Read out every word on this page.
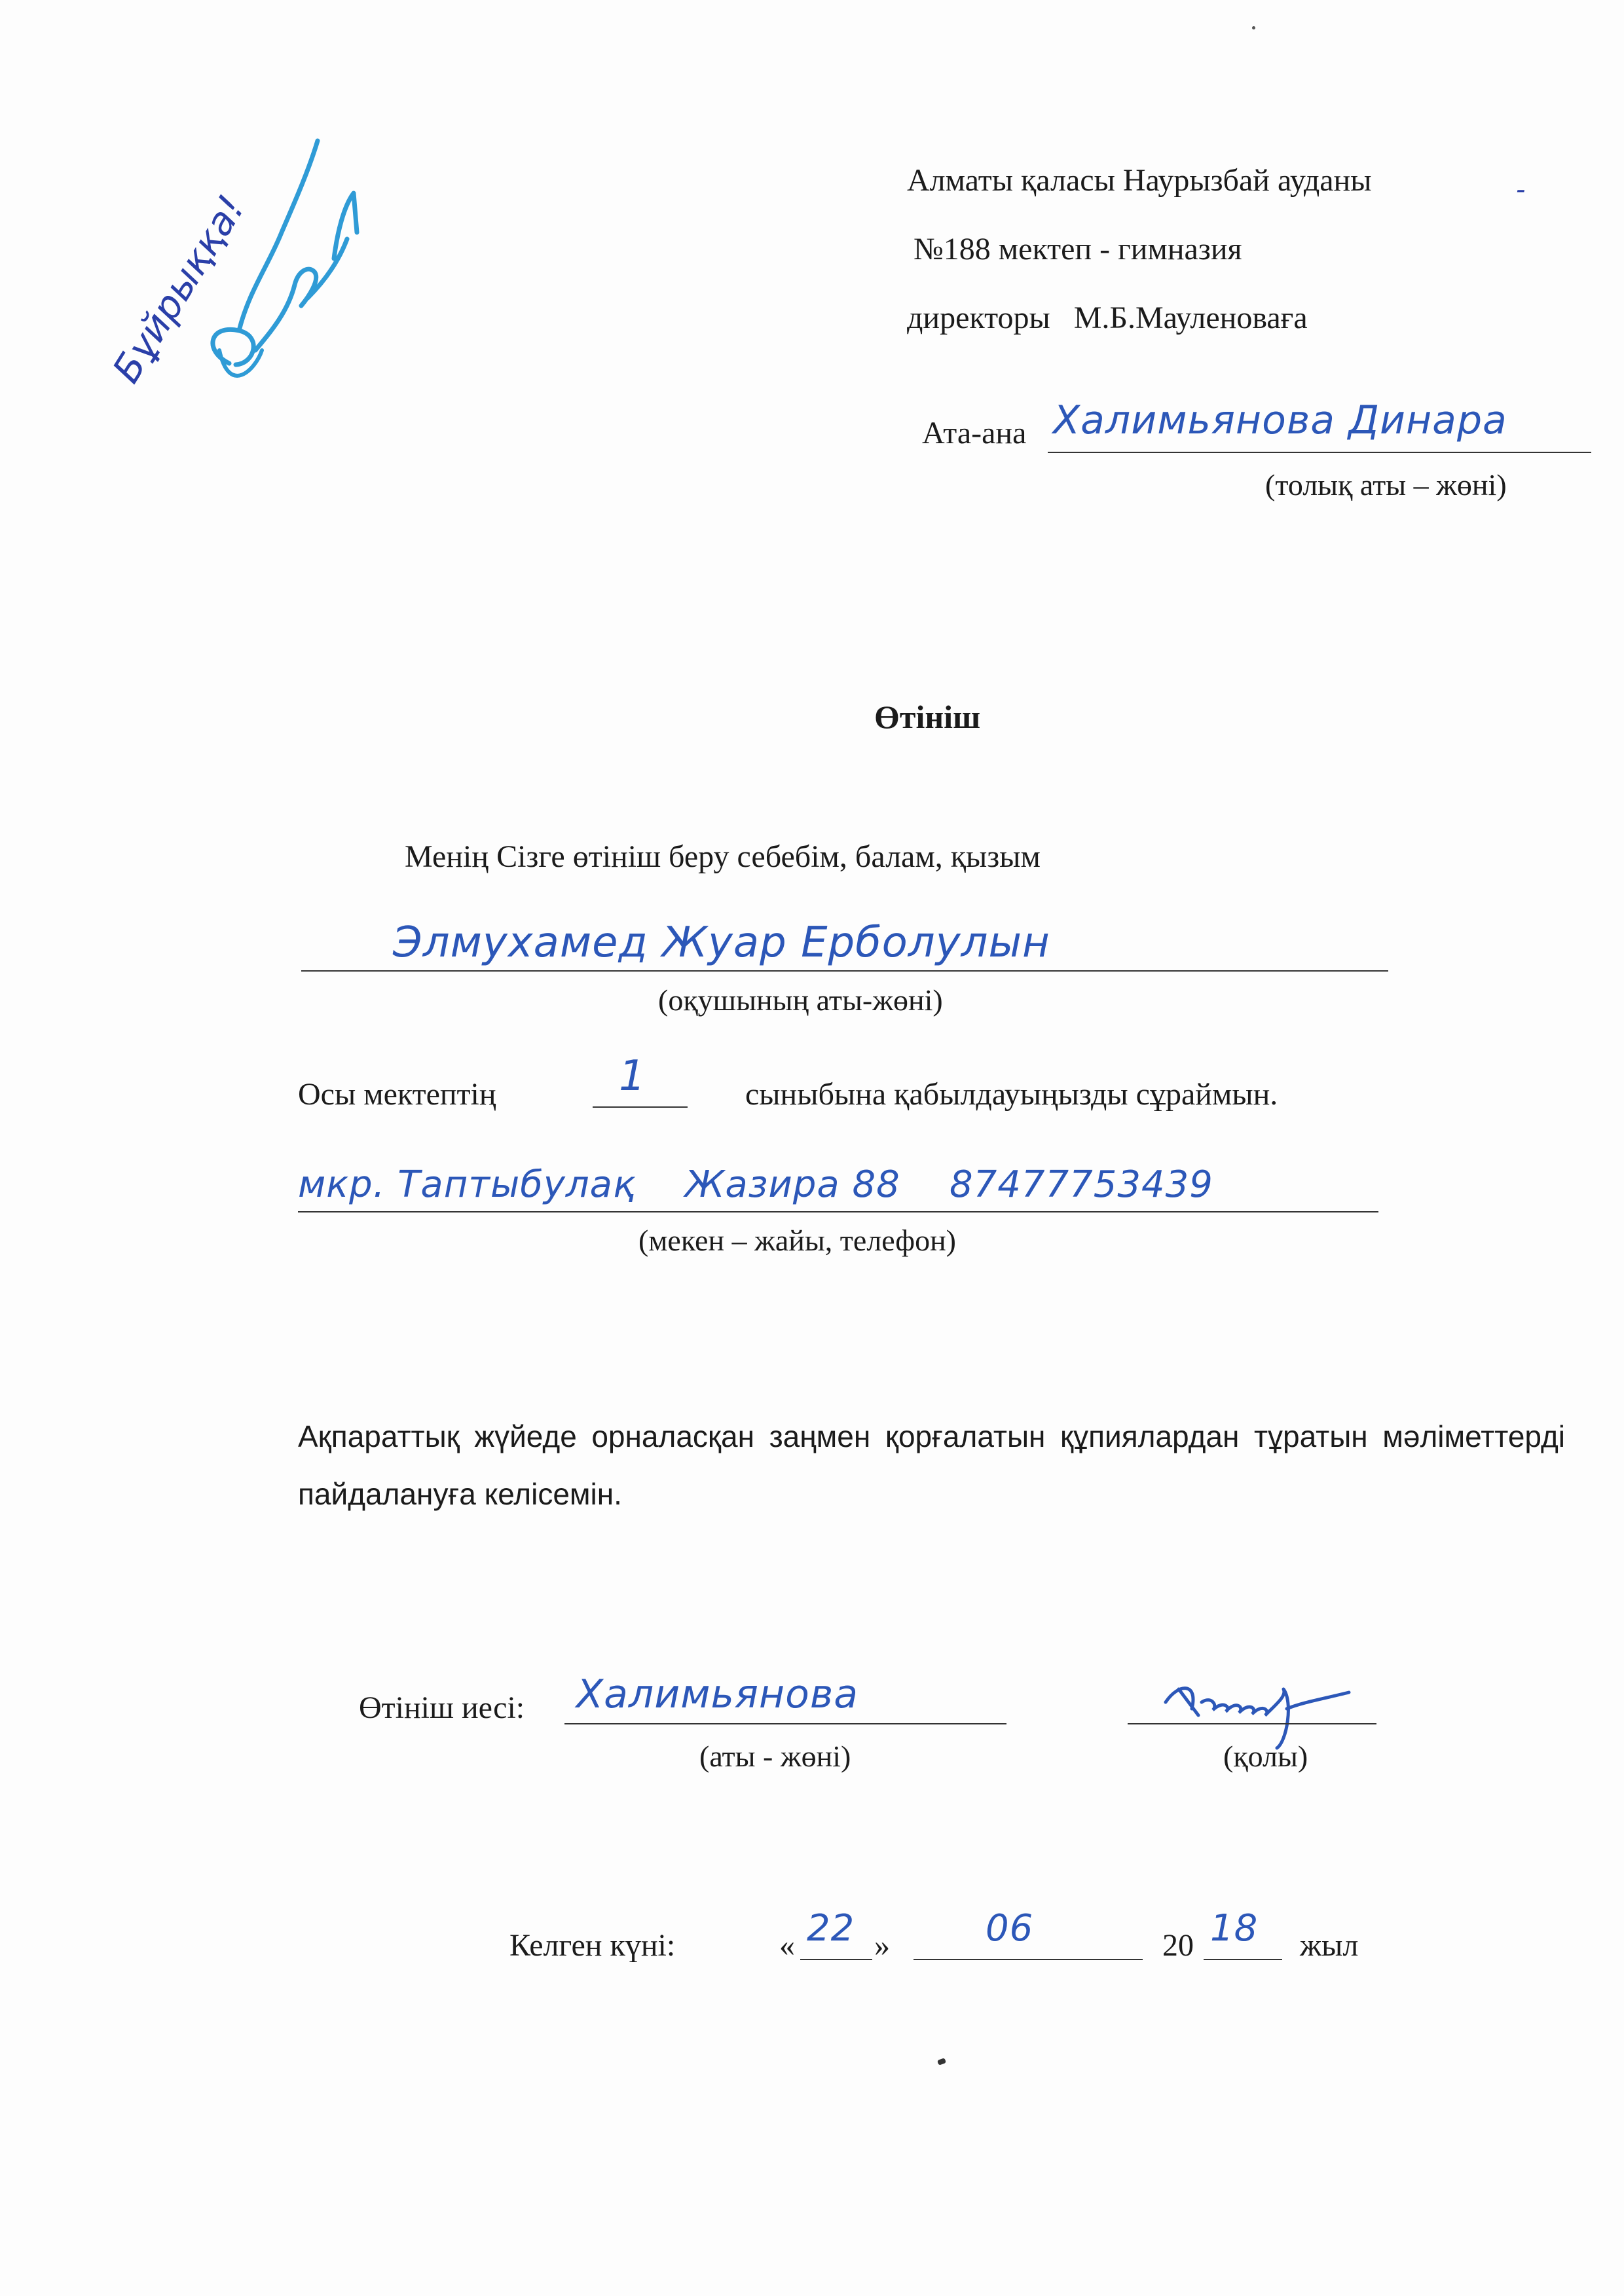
Бұйрыққа!
Алматы қаласы Наурызбай ауданы	-
№188 мектеп - гимназия
директоры   М.Б.Мауленоваға
Ата-ана Халимьянова Динара
(толық аты – жөні)
Өтініш
Менің Сізге өтініш беру себебім, балам, қызым
Элмухамед Жуар Ерболулын
(оқушының аты-жөні)
Осы мектептің	1	сыныбына қабылдауыңызды сұраймын.
мкр. Таптыбулақ    Жазира 88    87477753439
(мекен – жайы, телефон)
Ақпараттық жүйеде орналасқан заңмен қорғалатын құпиялардан тұратын мәліметтерді пайдалануға келісемін.
Өтініш иесі: Халимьянова
(аты - жөні)	(қолы)
Келген күні:	« 22 »	06	20 18 жыл
